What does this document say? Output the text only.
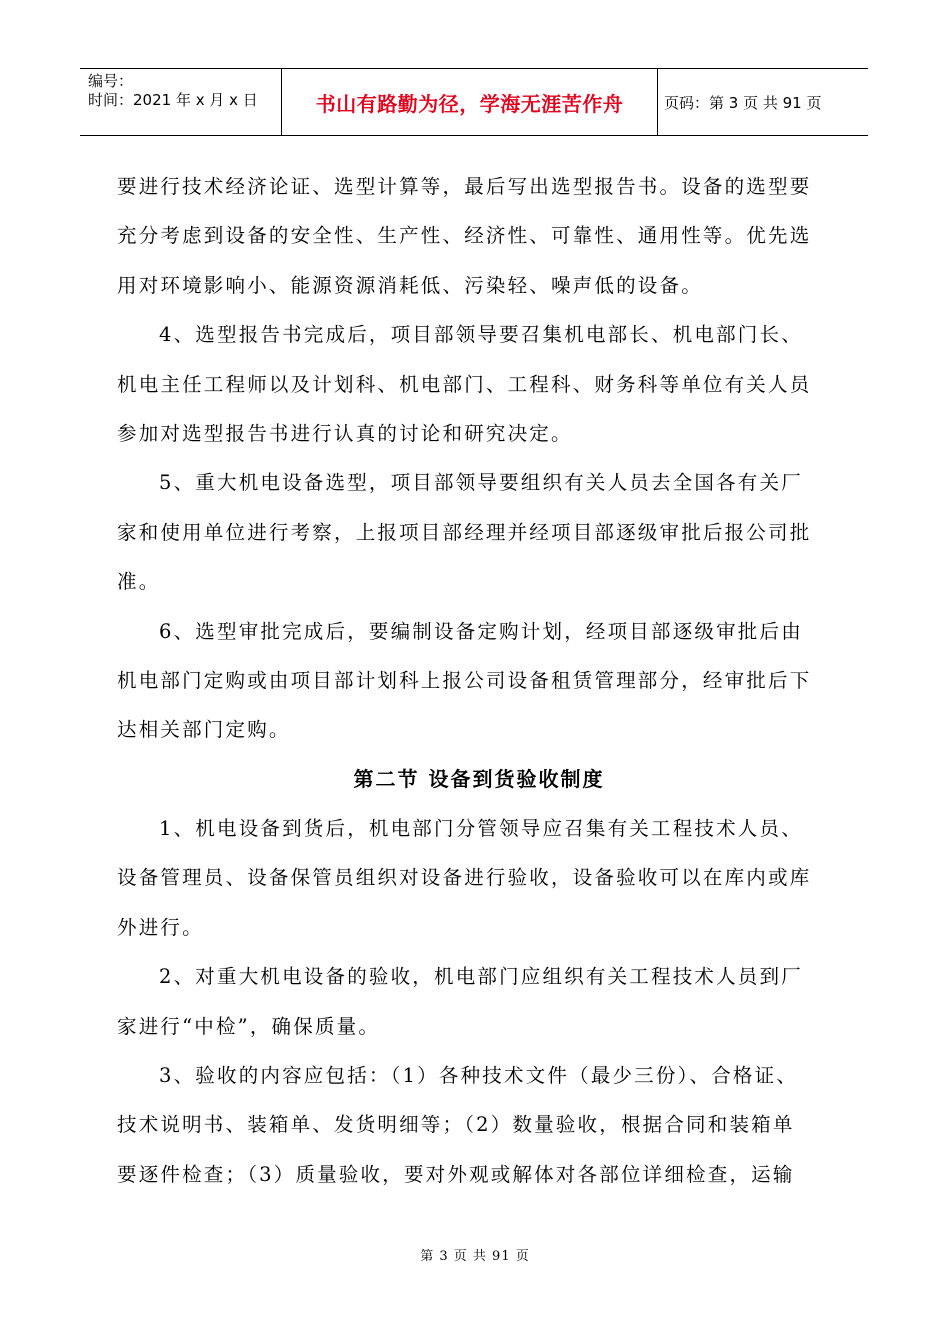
编号：
时间：2021 年 x 月 x 日	书山有路勤为径，学海无涯苦作舟	页码：第 3 页 共 91 页
要进行技术经济论证、选型计算等，最后写出选型报告书。设备的选型要
充分考虑到设备的安全性、生产性、经济性、可靠性、通用性等。优先选
用对环境影响小、能源资源消耗低、污染轻、噪声低的设备。
4、选型报告书完成后，项目部领导要召集机电部长、机电部门长、
机电主任工程师以及计划科、机电部门、工程科、财务科等单位有关人员
参加对选型报告书进行认真的讨论和研究决定。
5、重大机电设备选型，项目部领导要组织有关人员去全国各有关厂
家和使用单位进行考察，上报项目部经理并经项目部逐级审批后报公司批
准。
6、选型审批完成后，要编制设备定购计划，经项目部逐级审批后由
机电部门定购或由项目部计划科上报公司设备租赁管理部分，经审批后下
达相关部门定购。
第二节 设备到货验收制度
1、机电设备到货后，机电部门分管领导应召集有关工程技术人员、
设备管理员、设备保管员组织对设备进行验收，设备验收可以在库内或库
外进行。
2、对重大机电设备的验收，机电部门应组织有关工程技术人员到厂
家进行“中检”，确保质量。
3、验收的内容应包括：（1）各种技术文件（最少三份）、合格证、
技术说明书、装箱单、发货明细等；（2）数量验收，根据合同和装箱单
要逐件检查；（3）质量验收，要对外观或解体对各部位详细检查，运输
第 3 页 共 91 页
